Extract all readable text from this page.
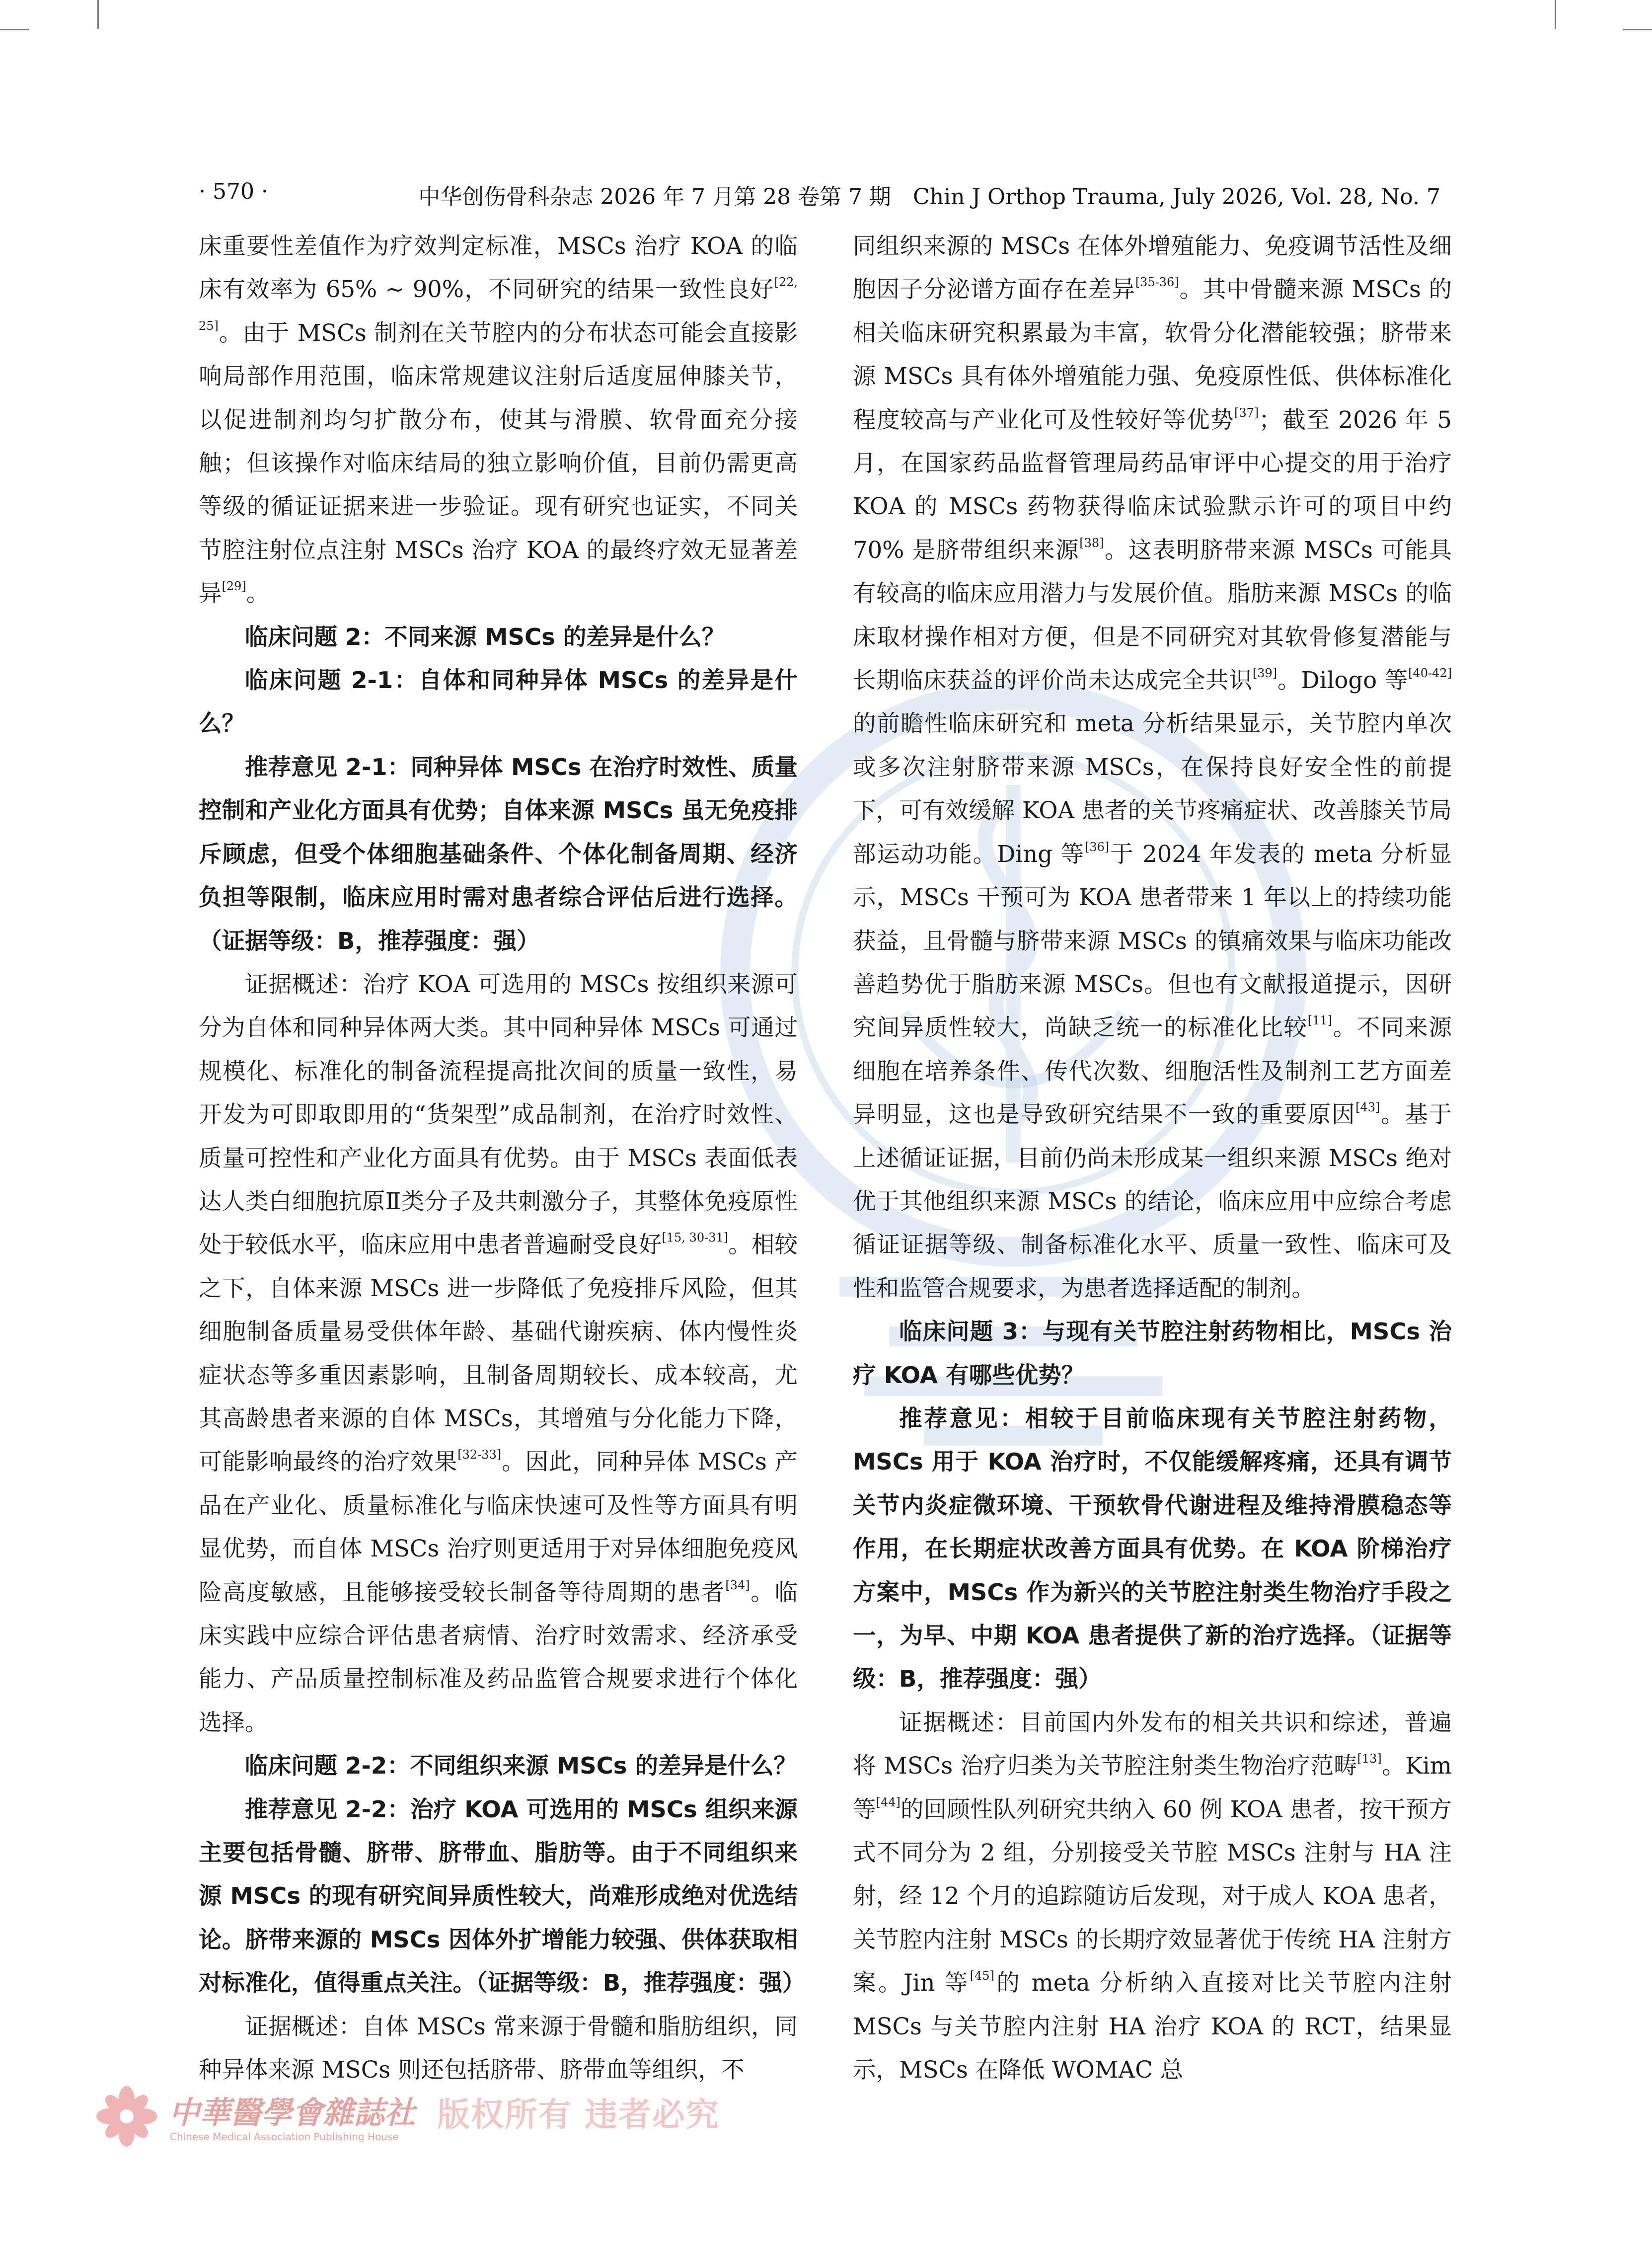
· 570 ·	中华创伤骨科杂志 2026 年 7 月第 28 卷第 7 期　Chin J Orthop Trauma, July 2026, Vol. 28, No. 7

床重要性差值作为疗效判定标准，MSCs 治疗 KOA 的临床有效率为 65% ~ 90%，不同研究的结果一致性良好[22, 25]。由于 MSCs 制剂在关节腔内的分布状态可能会直接影响局部作用范围，临床常规建议注射后适度屈伸膝关节，以促进制剂均匀扩散分布，使其与滑膜、软骨面充分接触；但该操作对临床结局的独立影响价值，目前仍需更高等级的循证证据来进一步验证。现有研究也证实，不同关节腔注射位点注射 MSCs 治疗 KOA 的最终疗效无显著差异[29]。

临床问题 2：不同来源 MSCs 的差异是什么？

临床问题 2-1：自体和同种异体 MSCs 的差异是什么？

推荐意见 2-1：同种异体 MSCs 在治疗时效性、质量控制和产业化方面具有优势；自体来源 MSCs 虽无免疫排斥顾虑，但受个体细胞基础条件、个体化制备周期、经济负担等限制，临床应用时需对患者综合评估后进行选择。（证据等级：B，推荐强度：强）

证据概述：治疗 KOA 可选用的 MSCs 按组织来源可分为自体和同种异体两大类。其中同种异体 MSCs 可通过规模化、标准化的制备流程提高批次间的质量一致性，易开发为可即取即用的“货架型”成品制剂，在治疗时效性、质量可控性和产业化方面具有优势。由于 MSCs 表面低表达人类白细胞抗原Ⅱ类分子及共刺激分子，其整体免疫原性处于较低水平，临床应用中患者普遍耐受良好[15, 30-31]。相较之下，自体来源 MSCs 进一步降低了免疫排斥风险，但其细胞制备质量易受供体年龄、基础代谢疾病、体内慢性炎症状态等多重因素影响，且制备周期较长、成本较高，尤其高龄患者来源的自体 MSCs，其增殖与分化能力下降，可能影响最终的治疗效果[32-33]。因此，同种异体 MSCs 产品在产业化、质量标准化与临床快速可及性等方面具有明显优势，而自体 MSCs 治疗则更适用于对异体细胞免疫风险高度敏感，且能够接受较长制备等待周期的患者[34]。临床实践中应综合评估患者病情、治疗时效需求、经济承受能力、产品质量控制标准及药品监管合规要求进行个体化选择。

临床问题 2-2：不同组织来源 MSCs 的差异是什么？

推荐意见 2-2：治疗 KOA 可选用的 MSCs 组织来源主要包括骨髓、脐带、脐带血、脂肪等。由于不同组织来源 MSCs 的现有研究间异质性较大，尚难形成绝对优选结论。脐带来源的 MSCs 因体外扩增能力较强、供体获取相对标准化，值得重点关注。（证据等级：B，推荐强度：强）

证据概述：自体 MSCs 常来源于骨髓和脂肪组织，同种异体来源 MSCs 则还包括脐带、脐带血等组织，不

同组织来源的 MSCs 在体外增殖能力、免疫调节活性及细胞因子分泌谱方面存在差异[35-36]。其中骨髓来源 MSCs 的相关临床研究积累最为丰富，软骨分化潜能较强；脐带来源 MSCs 具有体外增殖能力强、免疫原性低、供体标准化程度较高与产业化可及性较好等优势[37]；截至 2026 年 5 月，在国家药品监督管理局药品审评中心提交的用于治疗 KOA 的 MSCs 药物获得临床试验默示许可的项目中约 70% 是脐带组织来源[38]。这表明脐带来源 MSCs 可能具有较高的临床应用潜力与发展价值。脂肪来源 MSCs 的临床取材操作相对方便，但是不同研究对其软骨修复潜能与长期临床获益的评价尚未达成完全共识[39]。Dilogo 等[40-42]的前瞻性临床研究和 meta 分析结果显示，关节腔内单次或多次注射脐带来源 MSCs，在保持良好安全性的前提下，可有效缓解 KOA 患者的关节疼痛症状、改善膝关节局部运动功能。Ding 等[36]于 2024 年发表的 meta 分析显示，MSCs 干预可为 KOA 患者带来 1 年以上的持续功能获益，且骨髓与脐带来源 MSCs 的镇痛效果与临床功能改善趋势优于脂肪来源 MSCs。但也有文献报道提示，因研究间异质性较大，尚缺乏统一的标准化比较[11]。不同来源细胞在培养条件、传代次数、细胞活性及制剂工艺方面差异明显，这也是导致研究结果不一致的重要原因[43]。基于上述循证证据，目前仍尚未形成某一组织来源 MSCs 绝对优于其他组织来源 MSCs 的结论，临床应用中应综合考虑循证证据等级、制备标准化水平、质量一致性、临床可及性和监管合规要求，为患者选择适配的制剂。

临床问题 3：与现有关节腔注射药物相比，MSCs 治疗 KOA 有哪些优势？

推荐意见：相较于目前临床现有关节腔注射药物，MSCs 用于 KOA 治疗时，不仅能缓解疼痛，还具有调节关节内炎症微环境、干预软骨代谢进程及维持滑膜稳态等作用，在长期症状改善方面具有优势。在 KOA 阶梯治疗方案中，MSCs 作为新兴的关节腔注射类生物治疗手段之一，为早、中期 KOA 患者提供了新的治疗选择。（证据等级：B，推荐强度：强）

证据概述：目前国内外发布的相关共识和综述，普遍将 MSCs 治疗归类为关节腔注射类生物治疗范畴[13]。Kim 等[44]的回顾性队列研究共纳入 60 例 KOA 患者，按干预方式不同分为 2 组，分别接受关节腔 MSCs 注射与 HA 注射，经 12 个月的追踪随访后发现，对于成人 KOA 患者，关节腔内注射 MSCs 的长期疗效显著优于传统 HA 注射方案。Jin 等[45]的 meta 分析纳入直接对比关节腔内注射 MSCs 与关节腔内注射 HA 治疗 KOA 的 RCT，结果显示，MSCs 在降低 WOMAC 总

中華醫學會雜誌社
Chinese Medical Association Publishing House
版权所有 违者必究
